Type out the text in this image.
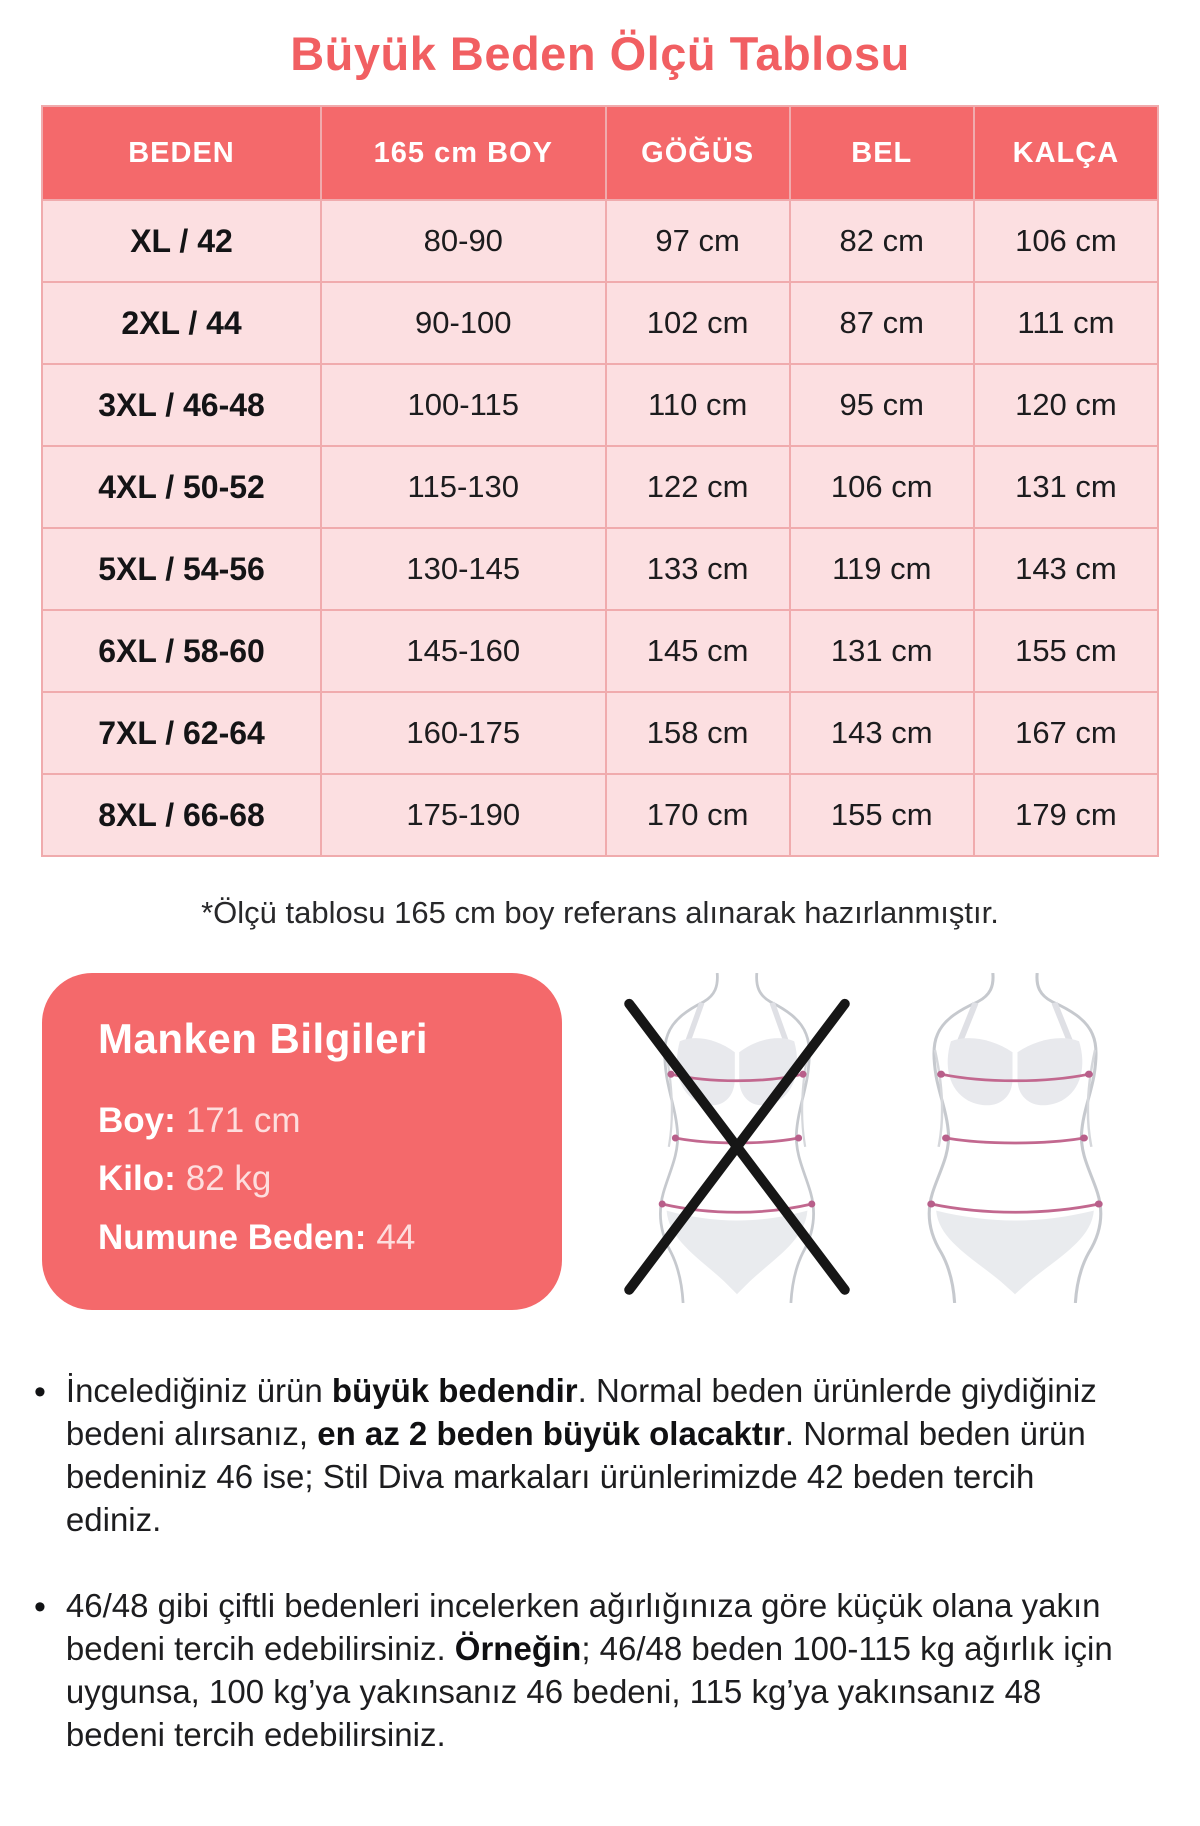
Büyük Beden Ölçü Tablosu
BEDEN	165 cm BOY	GÖĞÜS	BEL	KALÇA
XL / 42	80-90	97 cm	82 cm	106 cm
2XL / 44	90-100	102 cm	87 cm	111 cm
3XL / 46-48	100-115	110 cm	95 cm	120 cm
4XL / 50-52	115-130	122 cm	106 cm	131 cm
5XL / 54-56	130-145	133 cm	119 cm	143 cm
6XL / 58-60	145-160	145 cm	131 cm	155 cm
7XL / 62-64	160-175	158 cm	143 cm	167 cm
8XL / 66-68	175-190	170 cm	155 cm	179 cm

*Ölçü tablosu 165 cm boy referans alınarak hazırlanmıştır.

Manken Bilgileri
Boy: 171 cm
Kilo: 82 kg
Numune Beden: 44
• İncelediğiniz ürün büyük bedendir. Normal beden ürünlerde giydiğiniz bedeni alırsanız, en az 2 beden büyük olacaktır. Normal beden ürün bedeniniz 46 ise; Stil Diva markaları ürünlerimizde 42 beden tercih ediniz.

• 46/48 gibi çiftli bedenleri incelerken ağırlığınıza göre küçük olana yakın bedeni tercih edebilirsiniz. Örneğin; 46/48 beden 100-115 kg ağırlık için uygunsa, 100 kg’ya yakınsanız 46 bedeni, 115 kg’ya yakınsanız 48 bedeni tercih edebilirsiniz.
